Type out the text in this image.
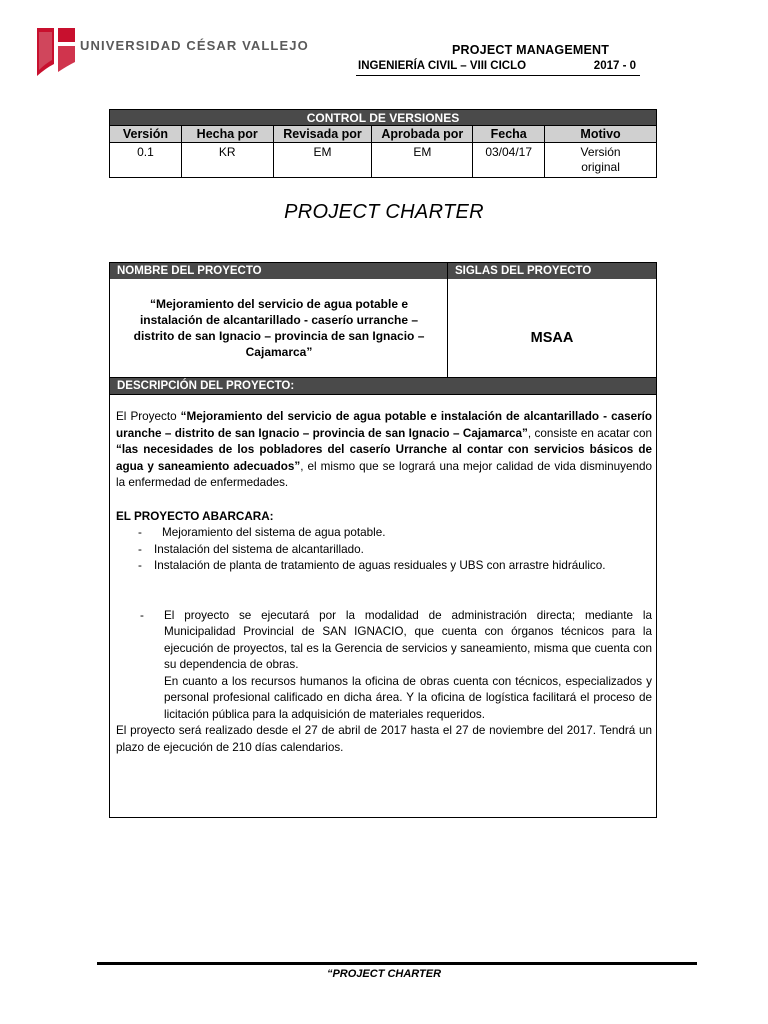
UNIVERSIDAD CÉSAR VALLEJO	PROJECT MANAGEMENT
INGENIERÍA CIVIL – VIII CICLO	2017 - 0
CONTROL DE VERSIONES					
Versión	Hecha por	Revisada por	Aprobada por	Fecha	Motivo
0.1	KR	EM	EM	03/04/17	Versión original
PROJECT CHARTER
NOMBRE DEL PROYECTO	SIGLAS DEL PROYECTO
“Mejoramiento del servicio de agua potable e instalación de alcantarillado - caserío urranche – distrito de san Ignacio – provincia de san Ignacio – Cajamarca”
MSAA
DESCRIPCIÓN DEL PROYECTO:

El Proyecto “Mejoramiento del servicio de agua potable e instalación de alcantarillado - caserío uranche – distrito de san Ignacio – provincia de san Ignacio – Cajamarca”, consiste en acatar con “las necesidades de los pobladores del caserío Urranche al contar con servicios básicos de agua y saneamiento adecuados”, el mismo que se logrará una mejor calidad de vida disminuyendo la enfermedad de enfermedades.

EL PROYECTO ABARCARA:

- Mejoramiento del sistema de agua potable.

- Instalación del sistema de alcantarillado.

- Instalación de planta de tratamiento de aguas residuales y UBS con arrastre hidráulico.

- El proyecto se ejecutará por la modalidad de administración directa; mediante la Municipalidad Provincial de SAN IGNACIO, que cuenta con órganos técnicos para la ejecución de proyectos, tal es la Gerencia de servicios y saneamiento, misma que cuenta con su dependencia de obras.

En cuanto a los recursos humanos la oficina de obras cuenta con técnicos, especializados y personal profesional calificado en dicha área. Y la oficina de logística facilitará el proceso de licitación pública para la adquisición de materiales requeridos.

El proyecto será realizado desde el 27 de abril de 2017 hasta el 27 de noviembre del 2017. Tendrá un plazo de ejecución de 210 días calendarios.

“PROJECT CHARTER
